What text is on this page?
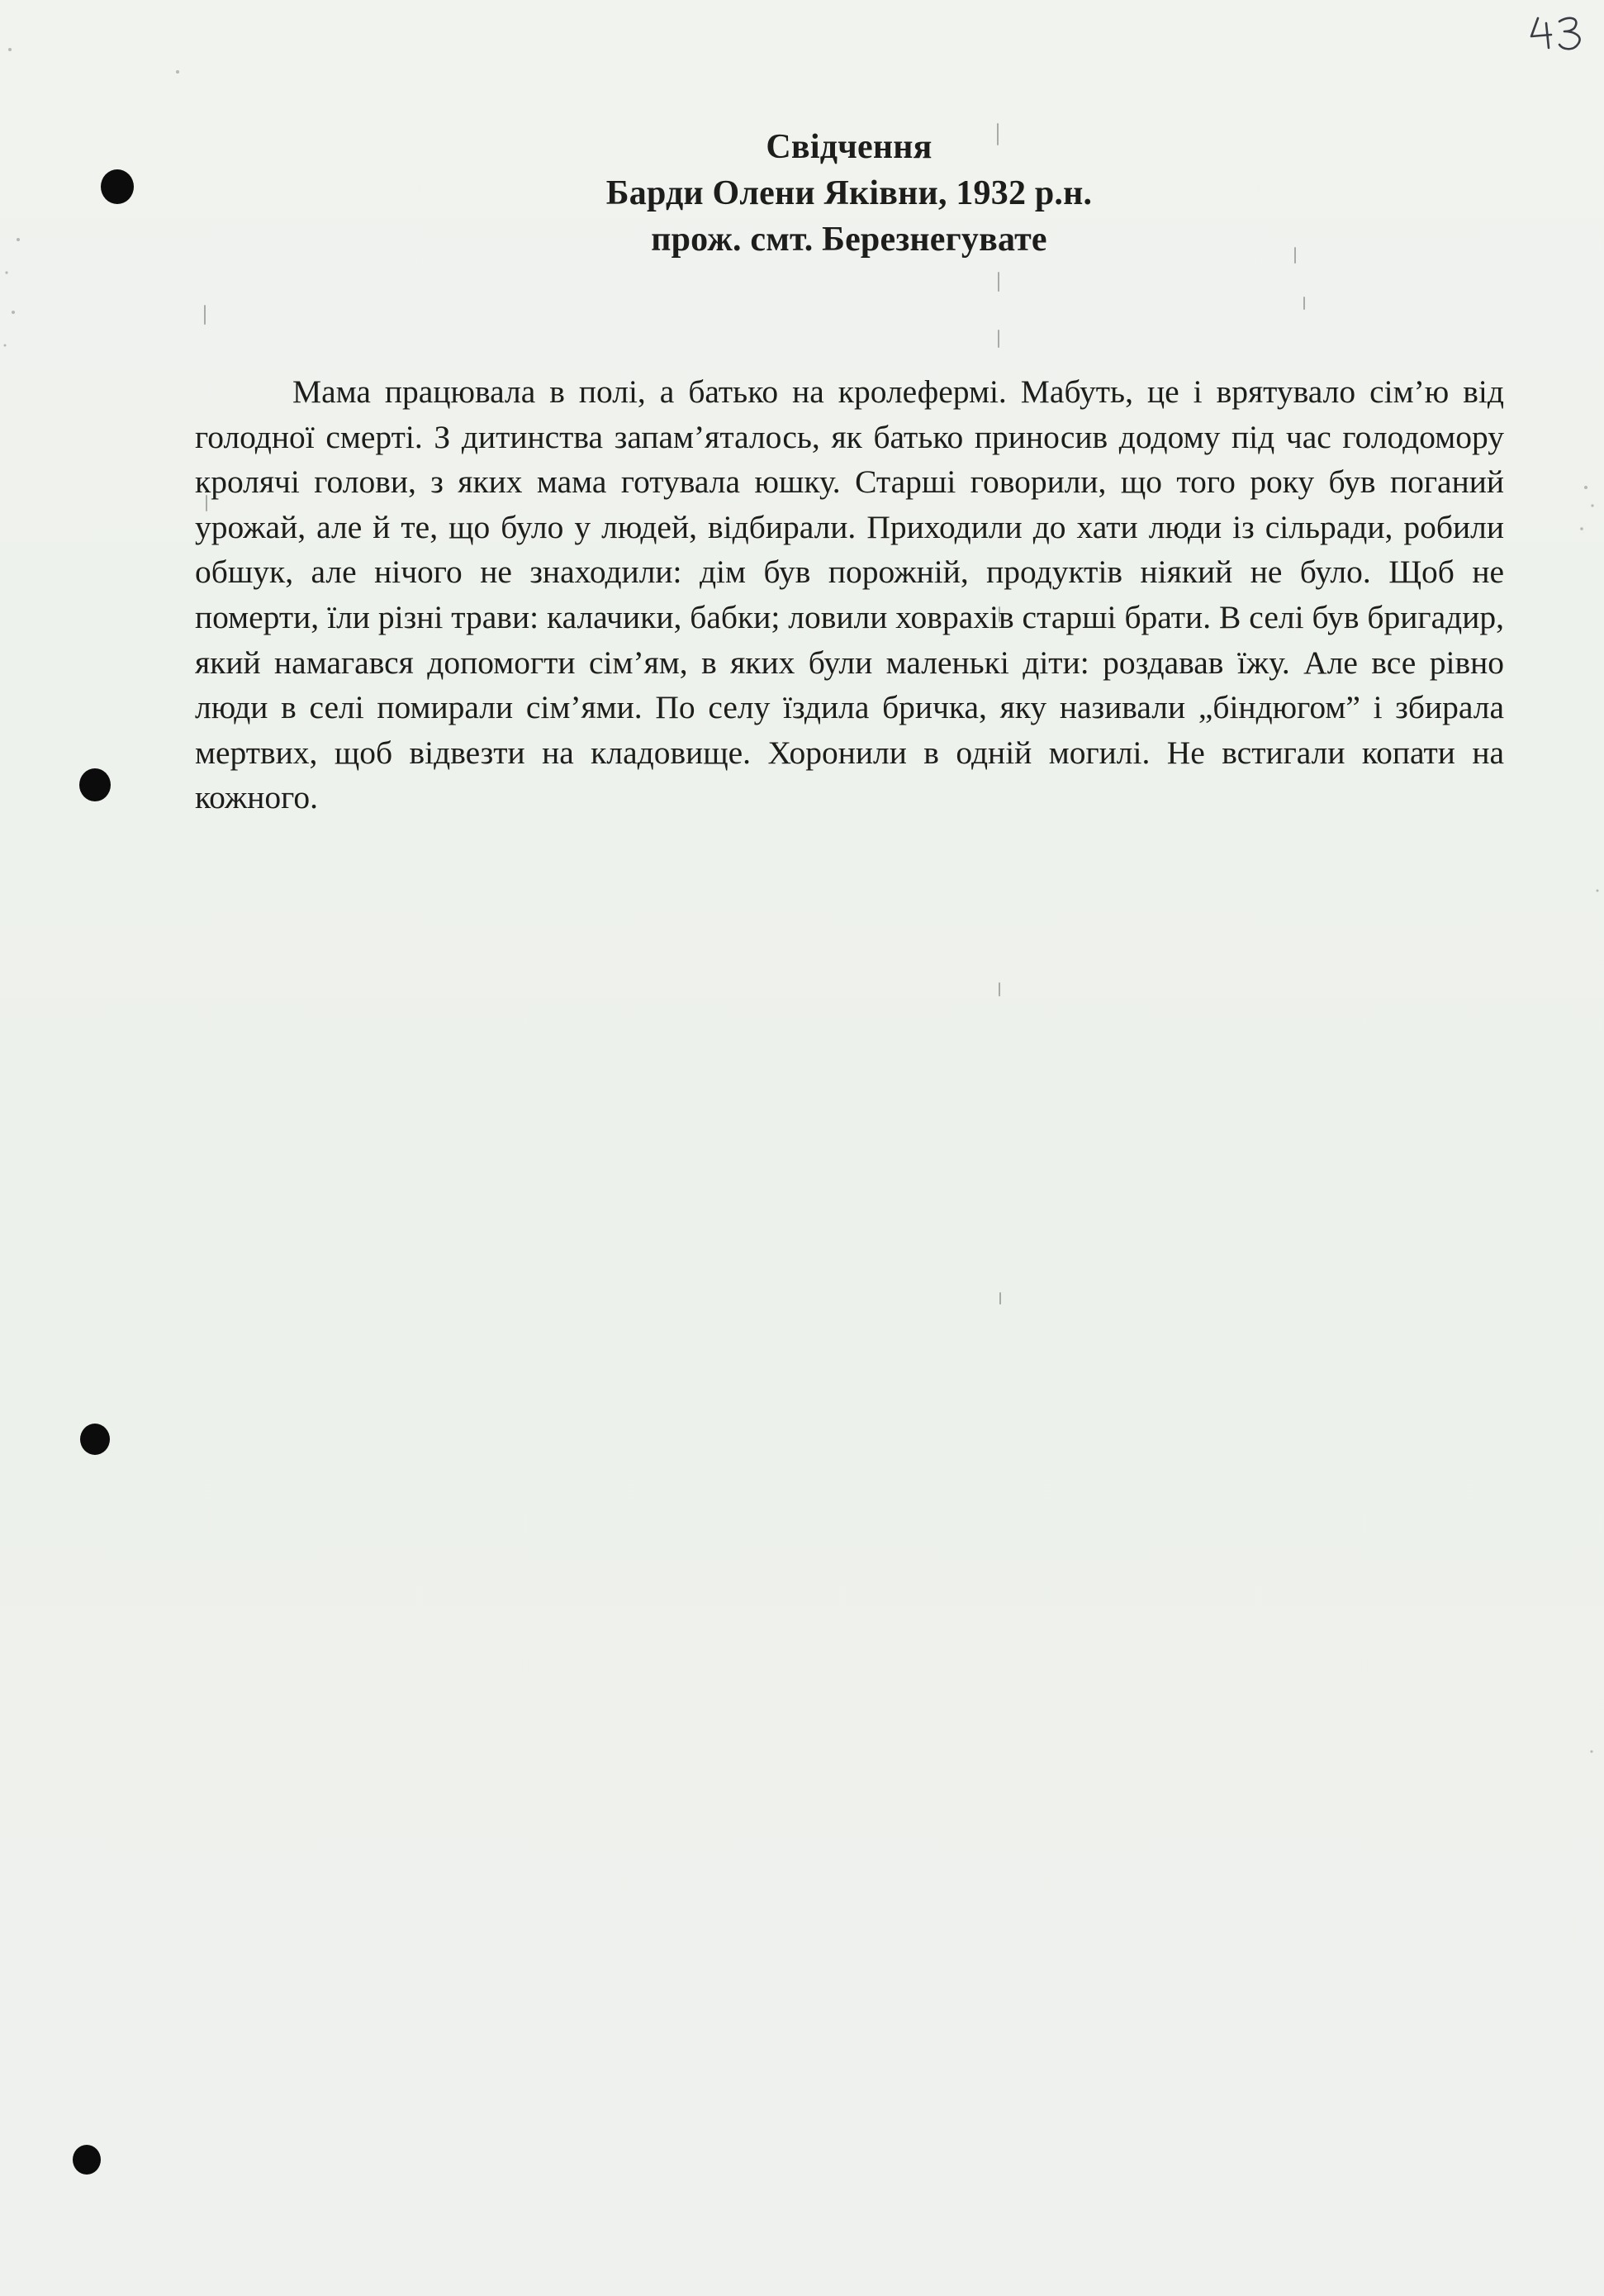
Свідчення
Барди Олени Яківни, 1932 р.н.
прож. смт. Березнегувате

Мама працювала в полі, а батько на кролефермі. Мабуть, це і врятувало сім’ю від голодної смерті. З дитинства запам’яталось, як батько приносив додому під час голодомору кролячі голови, з яких мама готувала юшку. Старші говорили, що того року був поганий урожай, але й те, що було у людей, відбирали. Приходили до хати люди із сільради, робили обшук, але нічого не знаходили: дім був порожній, продуктів ніякий не було. Щоб не померти, їли різні трави: калачики, бабки; ловили ховрахів старші брати. В селі був бригадир, який намагався допомогти сім’ям, в яких були маленькі діти: роздавав їжу. Але все рівно люди в селі помирали сім’ями. По селу їздила бричка, яку називали „біндюгом” і збирала мертвих, щоб відвезти на кладовище. Хоронили в одній могилі. Не встигали копати на кожного.
